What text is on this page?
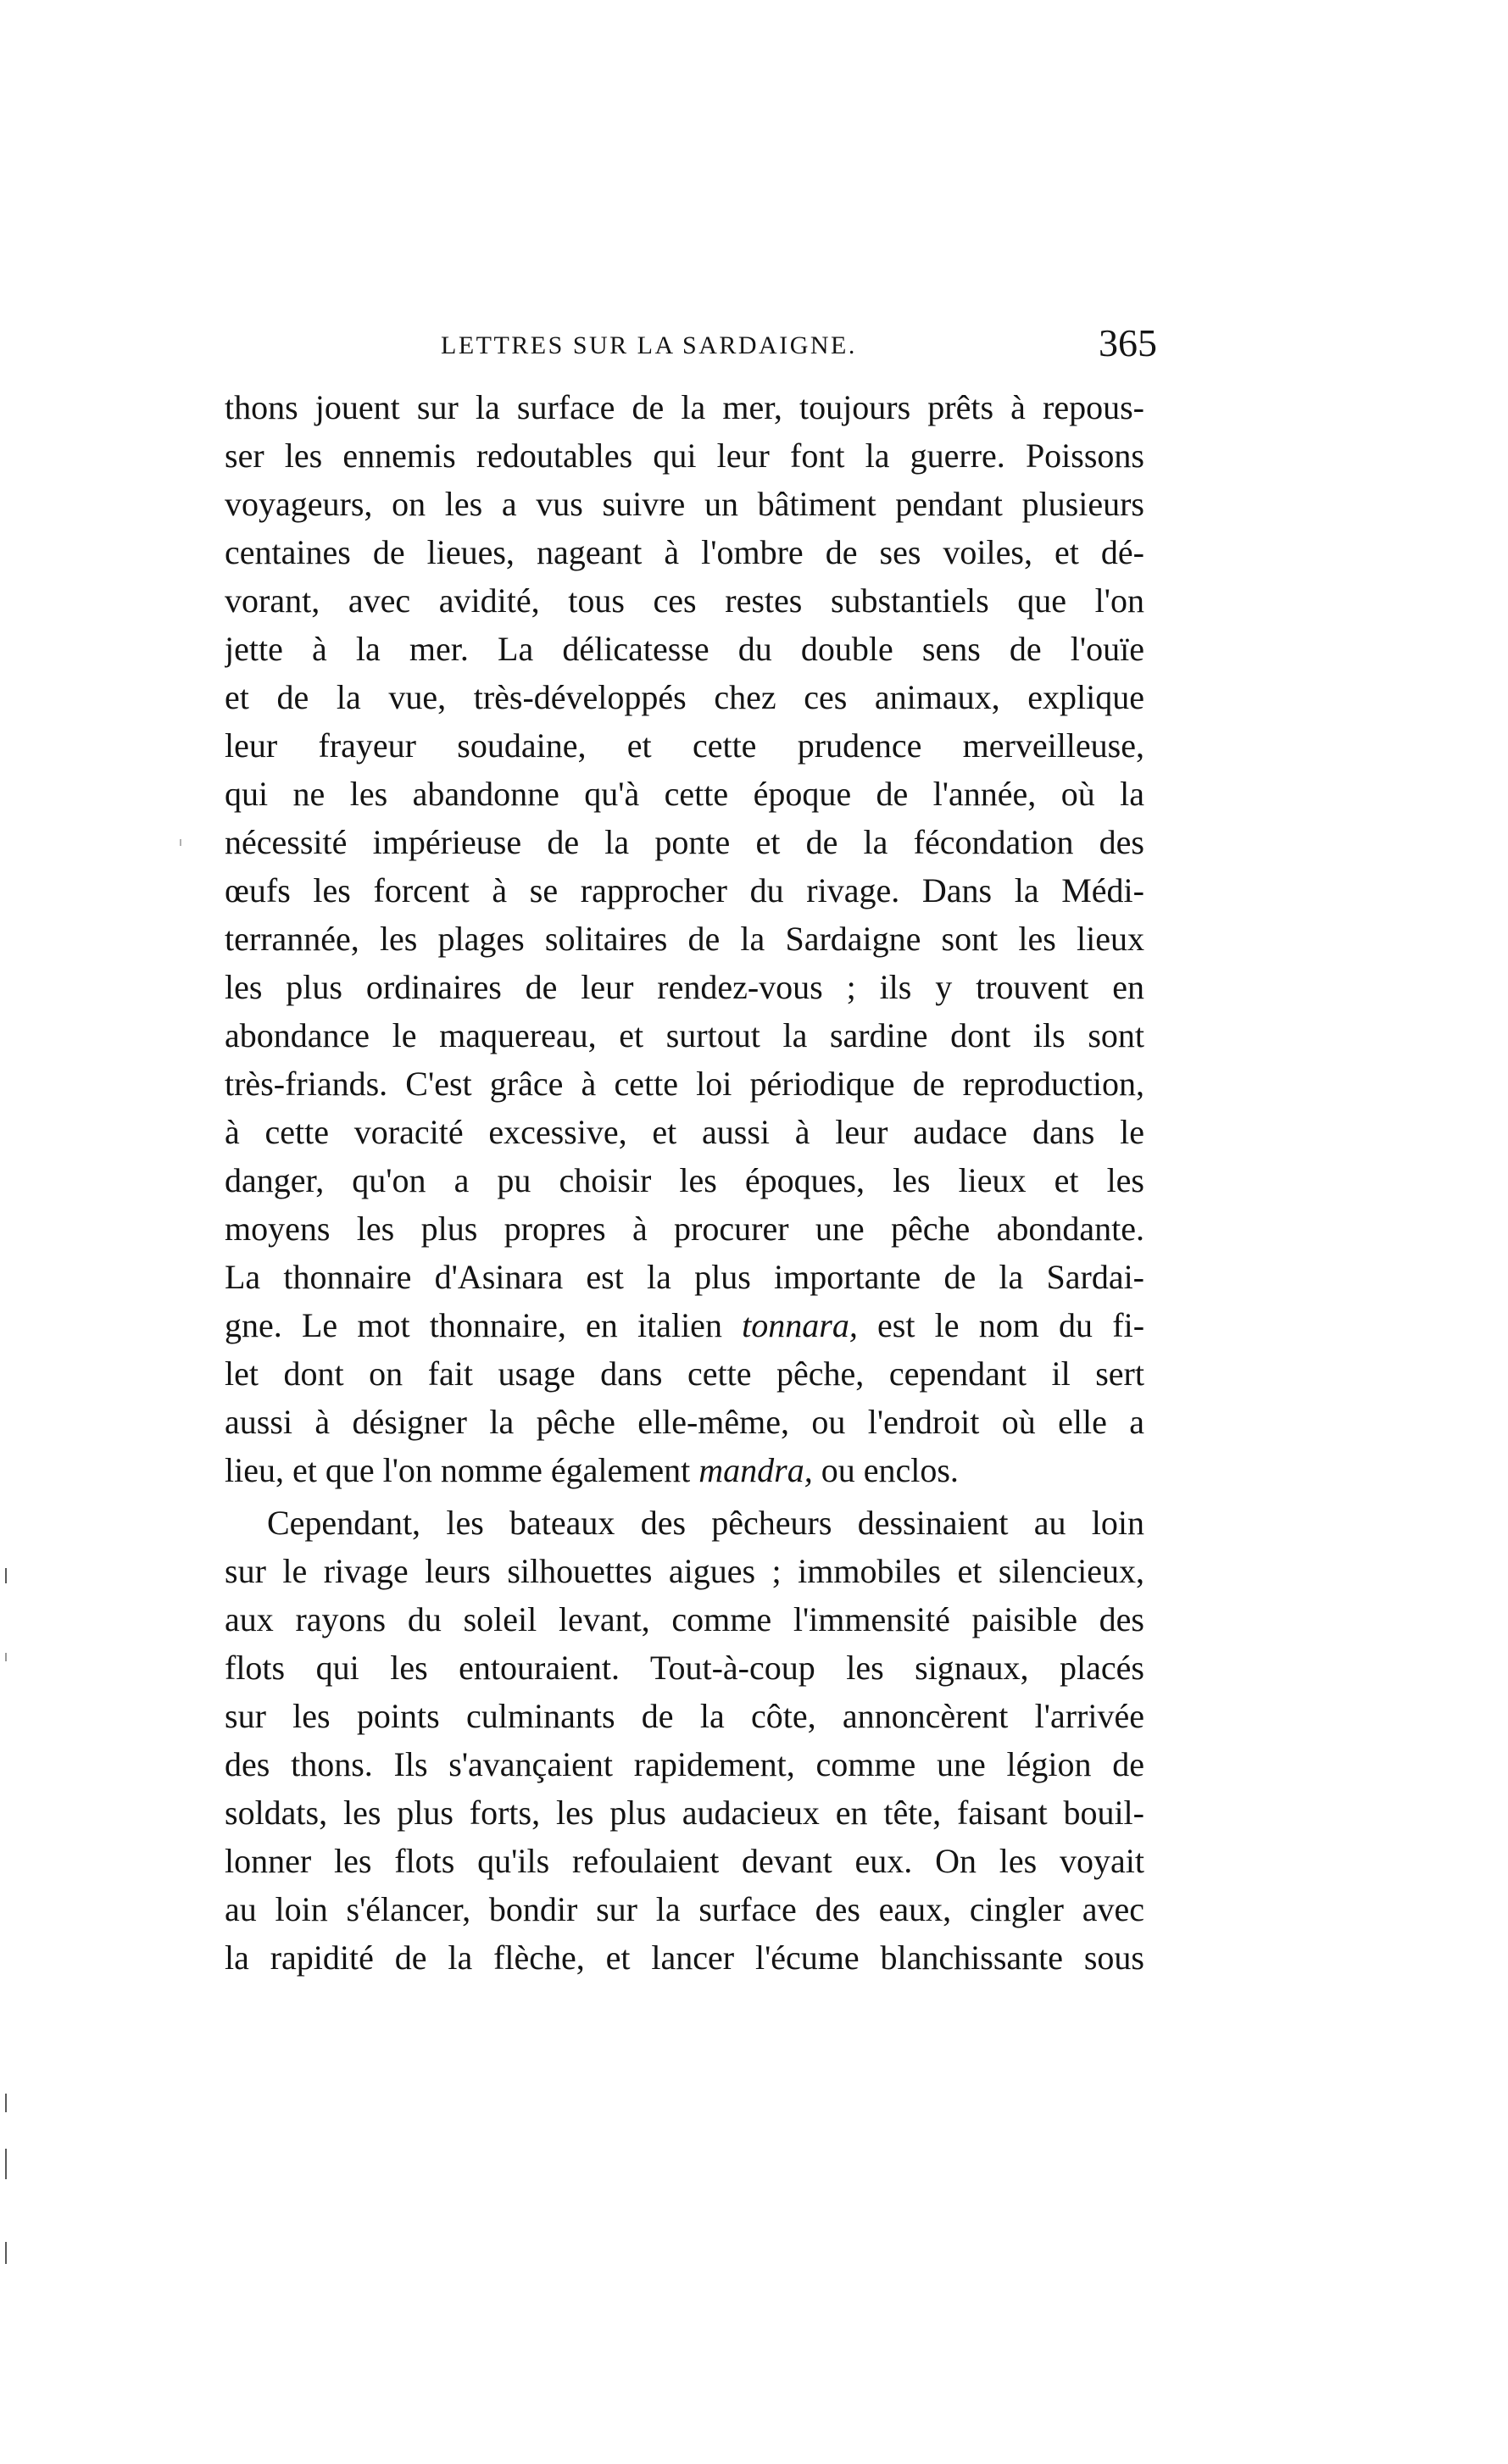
LETTRES SUR LA SARDAIGNE.	365
thons jouent sur la surface de la mer, toujours prêts à repous-
ser les ennemis redoutables qui leur font la guerre. Poissons
voyageurs, on les a vus suivre un bâtiment pendant plusieurs
centaines de lieues, nageant à l'ombre de ses voiles, et dé-
vorant, avec avidité, tous ces restes substantiels que l'on
jette à la mer. La délicatesse du double sens de l'ouïe
et de la vue, très-développés chez ces animaux, explique
leur frayeur soudaine, et cette prudence merveilleuse,
qui ne les abandonne qu'à cette époque de l'année, où la
nécessité impérieuse de la ponte et de la fécondation des
œufs les forcent à se rapprocher du rivage. Dans la Médi-
terrannée, les plages solitaires de la Sardaigne sont les lieux
les plus ordinaires de leur rendez-vous ; ils y trouvent en
abondance le maquereau, et surtout la sardine dont ils sont
très-friands. C'est grâce à cette loi périodique de reproduction,
à cette voracité excessive, et aussi à leur audace dans le
danger, qu'on a pu choisir les époques, les lieux et les
moyens les plus propres à procurer une pêche abondante.
La thonnaire d'Asinara est la plus importante de la Sardai-
gne. Le mot thonnaire, en italien tonnara, est le nom du fi-
let dont on fait usage dans cette pêche, cependant il sert
aussi à désigner la pêche elle-même, ou l'endroit où elle a
lieu, et que l'on nomme également mandra, ou enclos.
Cependant, les bateaux des pêcheurs dessinaient au loin
sur le rivage leurs silhouettes aigues ; immobiles et silencieux,
aux rayons du soleil levant, comme l'immensité paisible des
flots qui les entouraient. Tout-à-coup les signaux, placés
sur les points culminants de la côte, annoncèrent l'arrivée
des thons. Ils s'avançaient rapidement, comme une légion de
soldats, les plus forts, les plus audacieux en tête, faisant bouil-
lonner les flots qu'ils refoulaient devant eux. On les voyait
au loin s'élancer, bondir sur la surface des eaux, cingler avec
la rapidité de la flèche, et lancer l'écume blanchissante sous
